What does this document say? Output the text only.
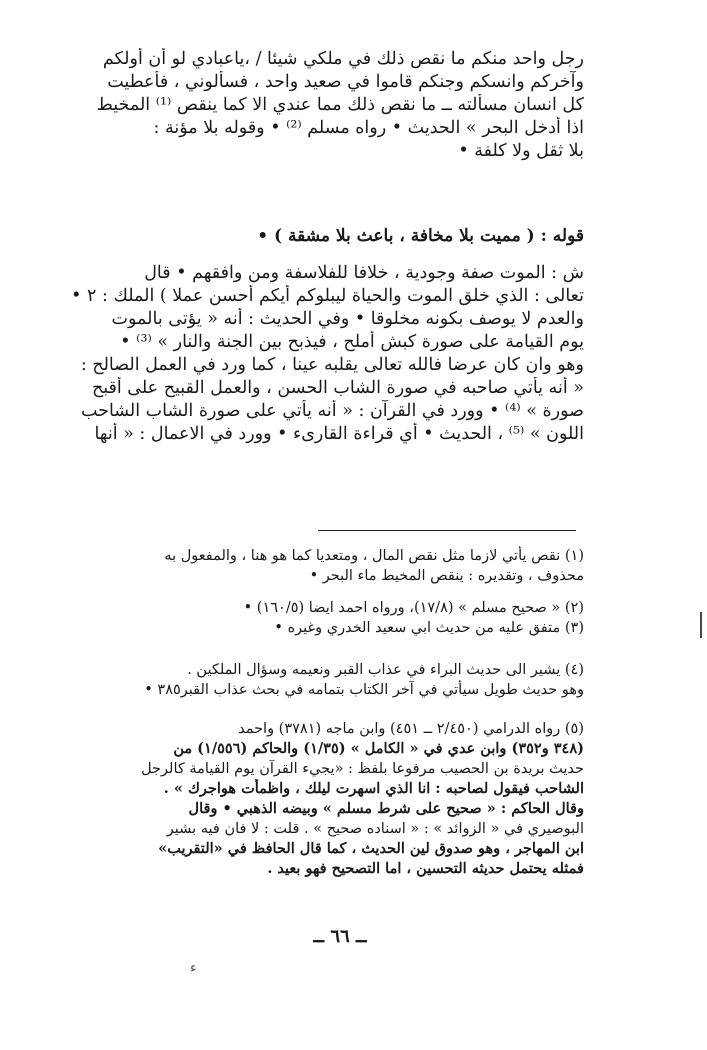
رجل واحد منكم ما نقص ذلك في ملكي شيئا / ،ياعبادي لو أن أولكم
وآخركم وانسكم وجنكم قاموا في صعيد واحد ، فسألوني ، فأعطيت
كل انسان مسألته ــ ما نقص ذلك مما عندي الا كما ينقص ⁽¹⁾ المخيط
اذا أدخل البحر » الحديث • رواه مسلم ⁽²⁾ • وقوله بلا مؤنة :
بلا ثقل ولا كلفة •
قوله : ( مميت بلا مخافة ، باعث بلا مشقة ) •
ش : الموت صفة وجودية ، خلافا للفلاسفة ومن وافقهم • قال
تعالى : الذي خلق الموت والحياة ليبلوكم أيكم أحسن عملا ) الملك : ٢ •
والعدم لا يوصف بكونه مخلوقا • وفي الحديث : أنه « يؤتى بالموت
يوم القيامة على صورة كبش أملح ، فيذبح بين الجنة والنار » ⁽³⁾ •
وهو وان كان عرضا فالله تعالى يقلبه عينا ، كما ورد في العمل الصالح :
« أنه يأتي صاحبه في صورة الشاب الحسن ، والعمل القبيح على أقبح
صورة » ⁽⁴⁾ • وورد في القرآن : « أنه يأتي على صورة الشاب الشاحب
اللون » ⁽⁵⁾ ، الحديث • أي قراءة القارىء • وورد في الاعمال : « أنها
(١) نقص يأتي لازما مثل نقص المال ، ومتعديا كما هو هنا ، والمفعول به
محذوف ، وتقديره : ينقص المخيط ماء البحر •
(٢) « صحيح مسلم » (١٧/٨)، ورواه احمد ايضا (١٦٠/٥) •
(٣) متفق عليه من حديث ابي سعيد الخدري وغيره •
(٤) يشير الى حديث البراء في عذاب القبر ونعيمه وسؤال الملكين .
وهو حديث طويل سيأتي في آخر الكتاب بتمامه في بحث عذاب القبر٣٨٥ •
(٥) رواه الدرامي (٢/٤٥٠ ــ ٤٥١) وابن ماجه (٣٧٨١) واحمد
(٣٤٨ و٣٥٢) وابن عدي في « الكامل » (١/٣٥) والحاكم (١/٥٥٦) من
حديث بريدة بن الحصيب مرفوعا بلفظ : «يجيء القرآن يوم القيامة كالرجل
الشاحب فيقول لصاحبه : انا الذي اسهرت ليلك ، واظمأت هواجرك » .
وقال الحاكم : « صحيح على شرط مسلم » وبيضه الذهبي • وقال
البوصيري في « الزوائد » : « اسناده صحيح » . قلت : لا فان فيه بشير
ابن المهاجر ، وهو صدوق لين الحديث ، كما قال الحافظ في «التقريب»
فمثله يحتمل حديثه التحسين ، اما التصحيح فهو بعيد .
ــ ٦٦ ــ
ء
